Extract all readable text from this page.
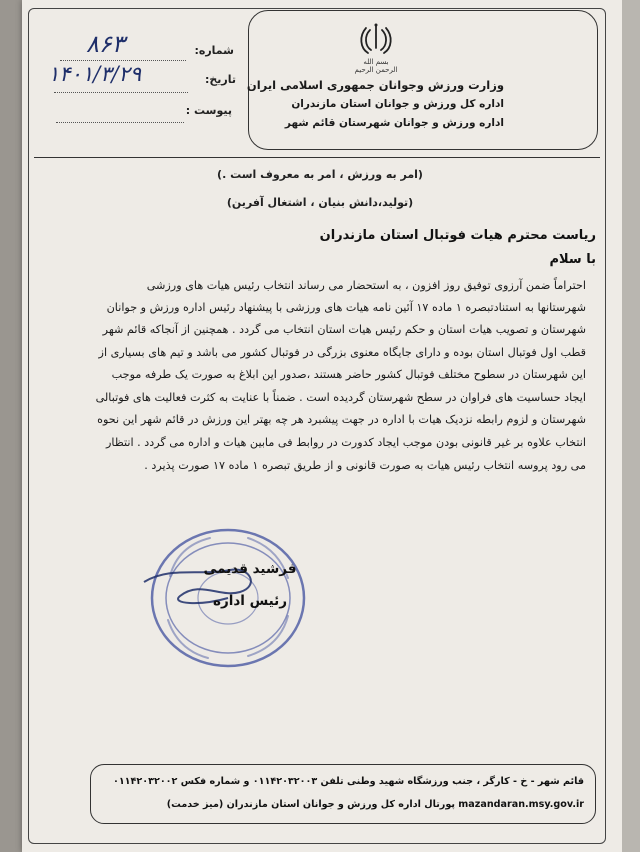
بسم الله الرحمن الرحیم
وزارت ورزش وجوانان جمهوری اسلامی ایران
اداره کل ورزش و جوانان استان مازندران
اداره ورزش و جوانان شهرستان قائم شهر
شماره:
۸۶۳
تاریخ:
۱۴۰۱/۳/۲۹
پیوست :
(امر به ورزش ، امر به معروف است .)
(تولید،دانش بنیان ، اشتغال آفرین)
ریاست محترم هیات فوتبال استان مازندران
با سلام
احتراماً ضمن آرزوی توفیق روز افزون ، به استحضار می رساند انتخاب رئیس هیات های ورزشی
شهرستانها به استنادتبصره ۱ ماده ۱۷ آئین نامه هیات های ورزشی با پیشنهاد رئیس اداره ورزش و جوانان
شهرستان و تصویب هیات استان و حکم رئیس هیات استان انتخاب می گردد . همچنین از آنجاکه قائم شهر
قطب اول فوتبال استان بوده و دارای جایگاه معنوی بزرگی در فوتبال کشور می باشد و تیم های بسیاری از
این شهرستان در سطوح مختلف فوتبال کشور حاضر هستند ،صدور این ابلاغ به صورت یک طرفه موجب
ایجاد حساسیت های فراوان در سطح شهرستان گردیده است . ضمناً با عنایت به کثرت فعالیت های فوتبالی
شهرستان و لزوم رابطه نزدیک هیات با اداره در جهت پیشبرد هر چه بهتر این ورزش در قائم شهر این نحوه
انتخاب علاوه بر غیر قانونی بودن موجب ایجاد کدورت در روابط فی مابین هیات و اداره می گردد . انتظار
می رود پروسه انتخاب رئیس هیات به صورت قانونی و از طریق تبصره ۱ ماده ۱۷ صورت پذیرد .
فرشید قدیمی
رئیس اداره
قائم شهر - خ - کارگر ، جنب ورزشگاه شهید وطنی تلفن ۰۱۱۴۲۰۳۲۰۰۳ و شماره فکس ۰۱۱۴۲۰۳۲۰۰۲
mazandaran.msy.gov.ir پورتال اداره کل ورزش و جوانان استان مازندران (میز خدمت)
